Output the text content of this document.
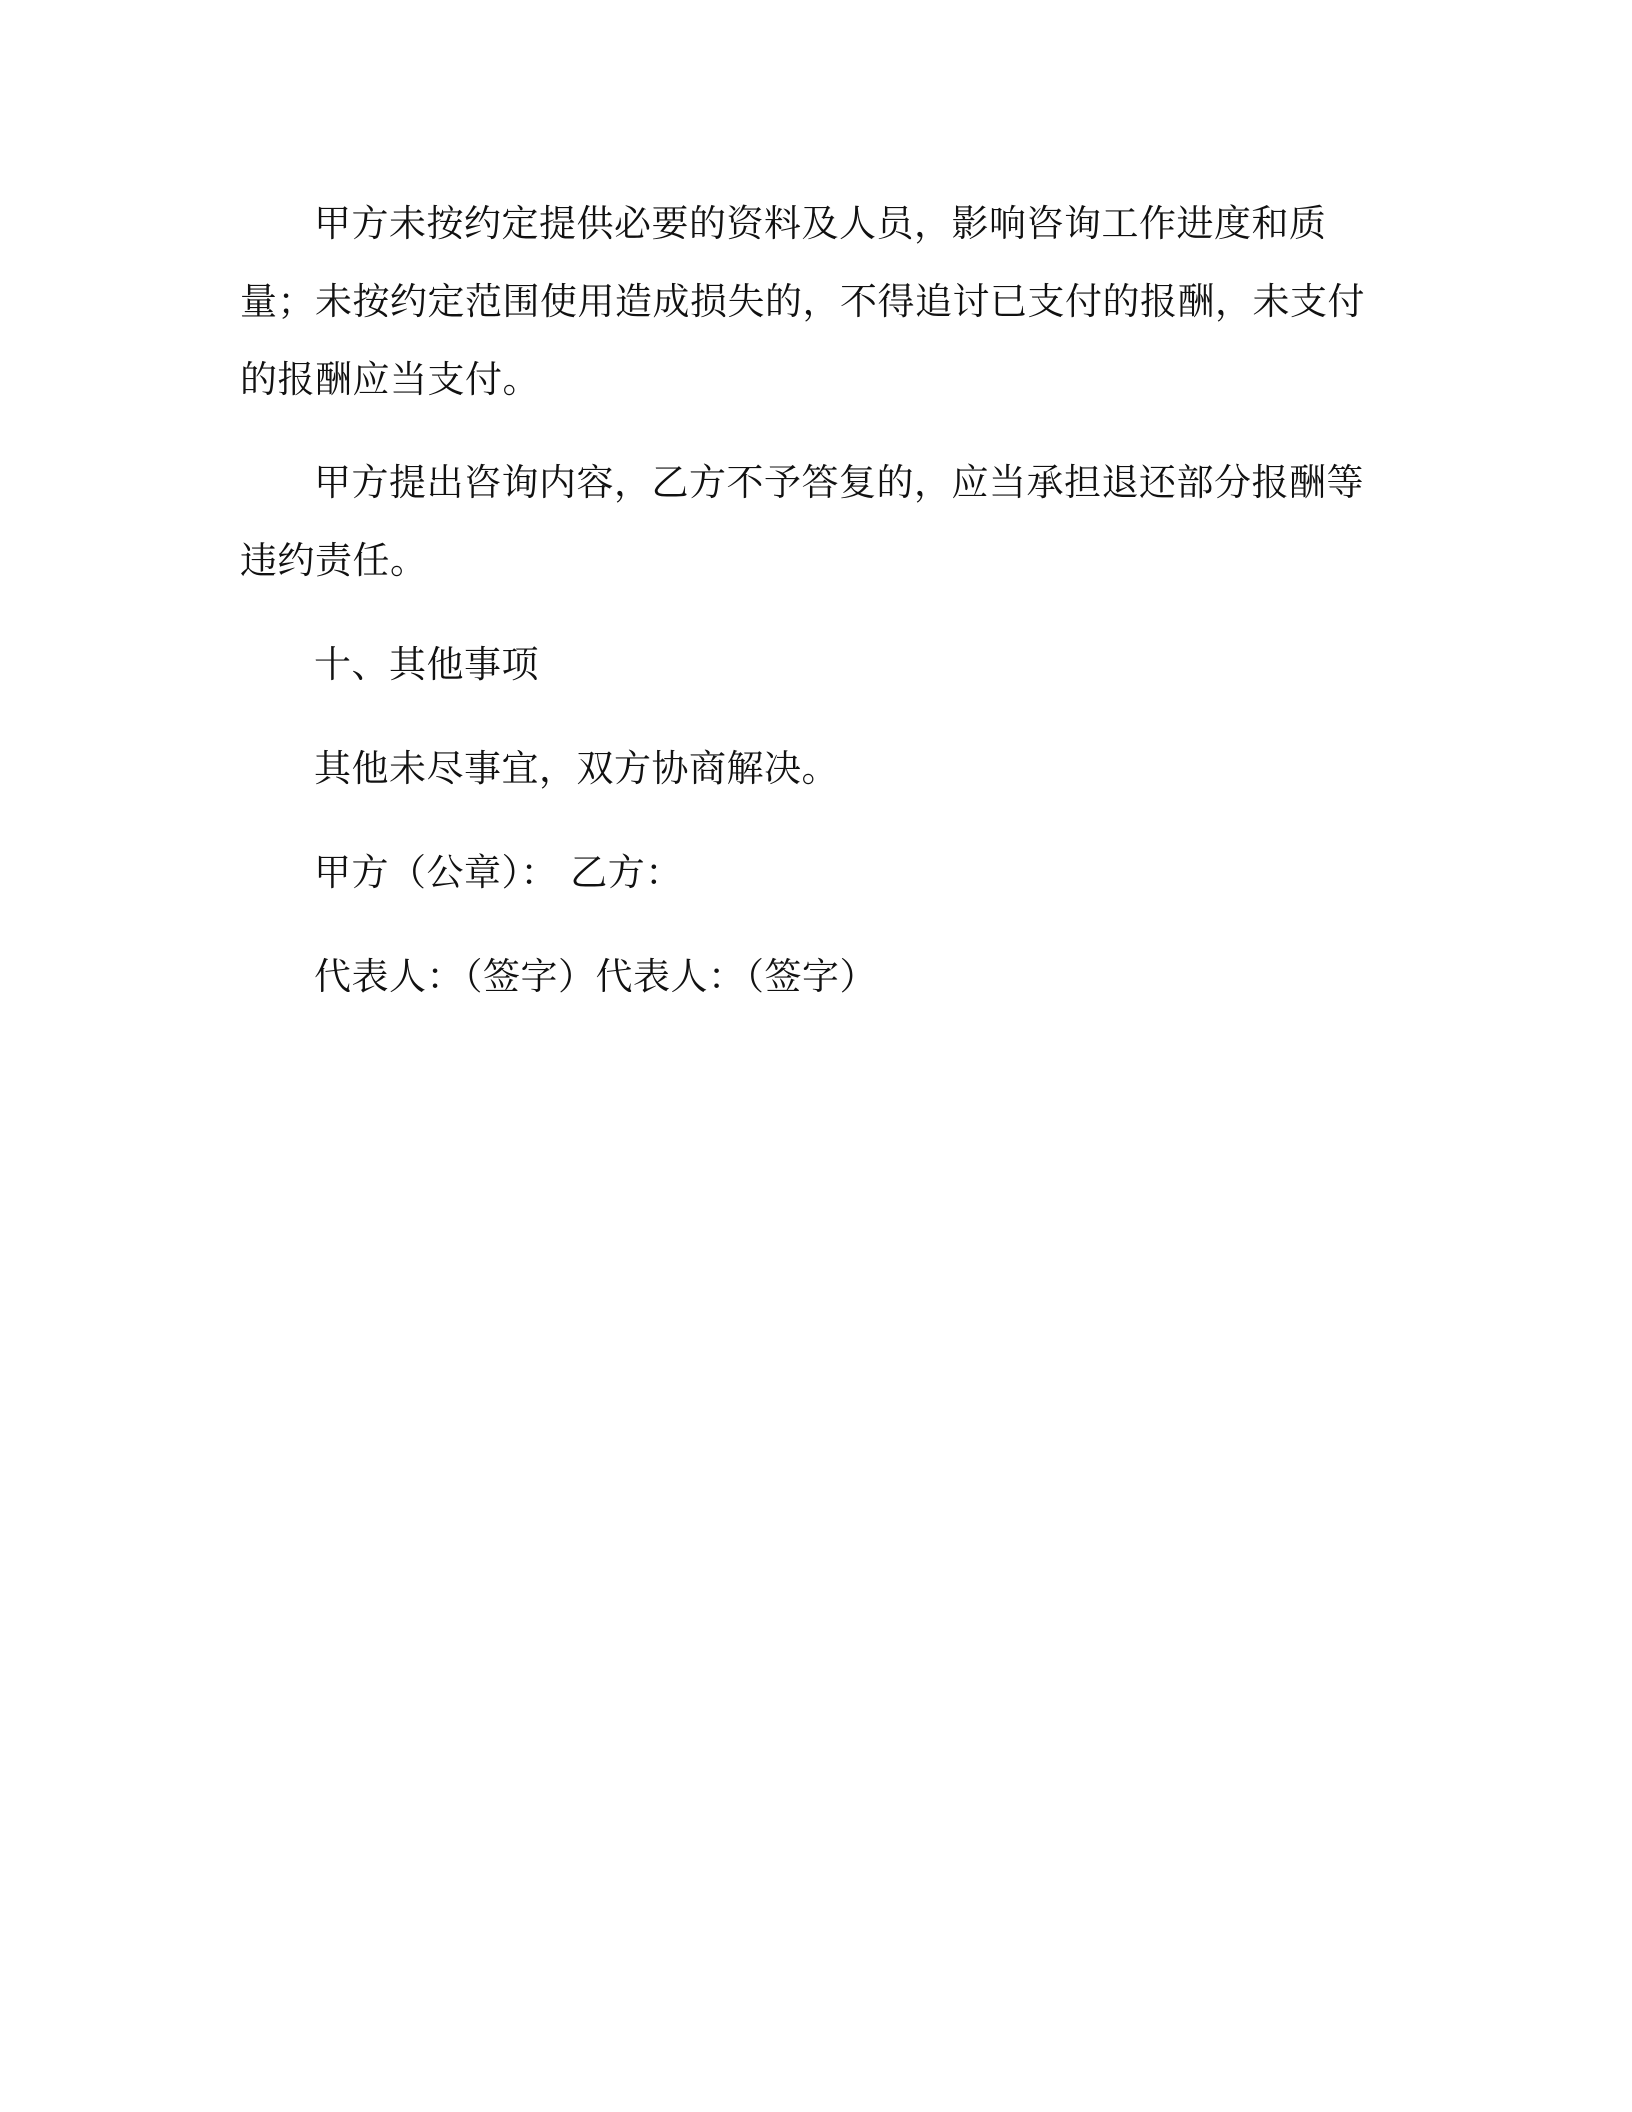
甲方未按约定提供必要的资料及人员，影响咨询工作进度和质量；未按约定范围使用造成损失的，不得追讨已支付的报酬，未支付的报酬应当支付。

甲方提出咨询内容，乙方不予答复的，应当承担退还部分报酬等违约责任。

十、其他事项

其他未尽事宜，双方协商解决。

甲方（公章）： 乙方：

代表人：（签字）代表人：（签字）
